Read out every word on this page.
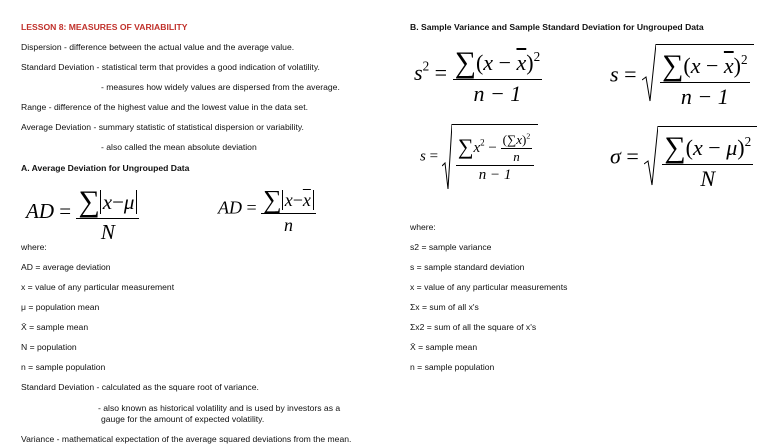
LESSON 8: MEASURES OF VARIABILITY
Dispersion - difference between the actual value and the average value.
Standard Deviation - statistical term that provides a good indication of volatility.
- measures how widely values are dispersed from the average.
Range - difference of the highest value and the lowest value in the data set.
Average Deviation - summary statistic of statistical dispersion or variability.
- also called the mean absolute deviation
A. Average Deviation for Ungrouped Data
AD = $\frac{\sum x-\mu}{N}$	AD = $\frac{\sum x-\overline{x}}{n}$
where:
AD = average deviation
x = value of any particular measurement
μ = population mean
X̄ = sample mean
N = population
n = sample population
Standard Deviation - calculated as the square root of variance.
- also known as historical volatility and is used by investors as a
gauge for the amount of expected volatility.
Variance - mathematical expectation of the average squared deviations from the mean.
B. Sample Variance and Sample Standard Deviation for Ungrouped Data
$s^2 = \frac{\sum(x - \overline{x})^2}{n - 1}$	$s = \frac{\sum(x - \overline{x})^2}{n - 1}$
$s = \frac{\sum x^2 - \frac{(\sum x)^2}{n}}{n - 1}$	$\sigma = \frac{\sum(x - \mu)^2}{N}$
where:
s2 = sample variance
s = sample standard deviation
x = value of any particular measurements
Σx = sum of all x's
Σx2 = sum of all the square of x's
X̄ = sample mean
n = sample population
